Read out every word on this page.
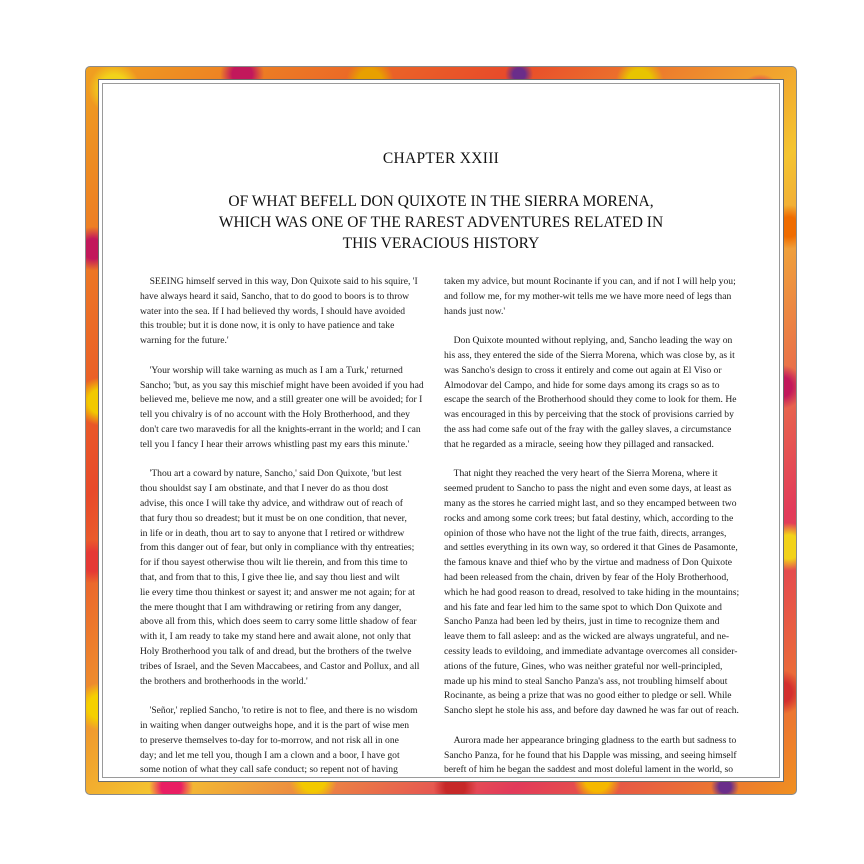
CHAPTER XXIII
OF WHAT BEFELL DON QUIXOTE IN THE SIERRA MORENA,
WHICH WAS ONE OF THE RAREST ADVENTURES RELATED IN
THIS VERACIOUS HISTORY
 SEEING himself served in this way, Don Quixote said to his squire, 'I
have always heard it said, Sancho, that to do good to boors is to throw
water into the sea. If I had believed thy words, I should have avoided
this trouble; but it is done now, it is only to have patience and take
warning for the future.'
 'Your worship will take warning as much as I am a Turk,' returned
Sancho; 'but, as you say this mischief might have been avoided if you had
believed me, believe me now, and a still greater one will be avoided; for I
tell you chivalry is of no account with the Holy Brotherhood, and they
don't care two maravedis for all the knights-errant in the world; and I can
tell you I fancy I hear their arrows whistling past my ears this minute.'
 'Thou art a coward by nature, Sancho,' said Don Quixote, 'but lest
thou shouldst say I am obstinate, and that I never do as thou dost
advise, this once I will take thy advice, and withdraw out of reach of
that fury thou so dreadest; but it must be on one condition, that never,
in life or in death, thou art to say to anyone that I retired or withdrew
from this danger out of fear, but only in compliance with thy entreaties;
for if thou sayest otherwise thou wilt lie therein, and from this time to
that, and from that to this, I give thee lie, and say thou liest and wilt
lie every time thou thinkest or sayest it; and answer me not again; for at
the mere thought that I am withdrawing or retiring from any danger,
above all from this, which does seem to carry some little shadow of fear
with it, I am ready to take my stand here and await alone, not only that
Holy Brotherhood you talk of and dread, but the brothers of the twelve
tribes of Israel, and the Seven Maccabees, and Castor and Pollux, and all
the brothers and brotherhoods in the world.'
 'Señor,' replied Sancho, 'to retire is not to flee, and there is no wisdom
in waiting when danger outweighs hope, and it is the part of wise men
to preserve themselves to-day for to-morrow, and not risk all in one
day; and let me tell you, though I am a clown and a boor, I have got
some notion of what they call safe conduct; so repent not of having
taken my advice, but mount Rocinante if you can, and if not I will help you;
and follow me, for my mother-wit tells me we have more need of legs than
hands just now.'
 Don Quixote mounted without replying, and, Sancho leading the way on
his ass, they entered the side of the Sierra Morena, which was close by, as it
was Sancho's design to cross it entirely and come out again at El Viso or
Almodovar del Campo, and hide for some days among its crags so as to
escape the search of the Brotherhood should they come to look for them. He
was encouraged in this by perceiving that the stock of provisions carried by
the ass had come safe out of the fray with the galley slaves, a circumstance
that he regarded as a miracle, seeing how they pillaged and ransacked.
 That night they reached the very heart of the Sierra Morena, where it
seemed prudent to Sancho to pass the night and even some days, at least as
many as the stores he carried might last, and so they encamped between two
rocks and among some cork trees; but fatal destiny, which, according to the
opinion of those who have not the light of the true faith, directs, arranges,
and settles everything in its own way, so ordered it that Gines de Pasamonte,
the famous knave and thief who by the virtue and madness of Don Quixote
had been released from the chain, driven by fear of the Holy Brotherhood,
which he had good reason to dread, resolved to take hiding in the mountains;
and his fate and fear led him to the same spot to which Don Quixote and
Sancho Panza had been led by theirs, just in time to recognize them and
leave them to fall asleep: and as the wicked are always ungrateful, and ne-
cessity leads to evildoing, and immediate advantage overcomes all consider-
ations of the future, Gines, who was neither grateful nor well-principled,
made up his mind to steal Sancho Panza's ass, not troubling himself about
Rocinante, as being a prize that was no good either to pledge or sell. While
Sancho slept he stole his ass, and before day dawned he was far out of reach.
 Aurora made her appearance bringing gladness to the earth but sadness to
Sancho Panza, for he found that his Dapple was missing, and seeing himself
bereft of him he began the saddest and most doleful lament in the world, so
